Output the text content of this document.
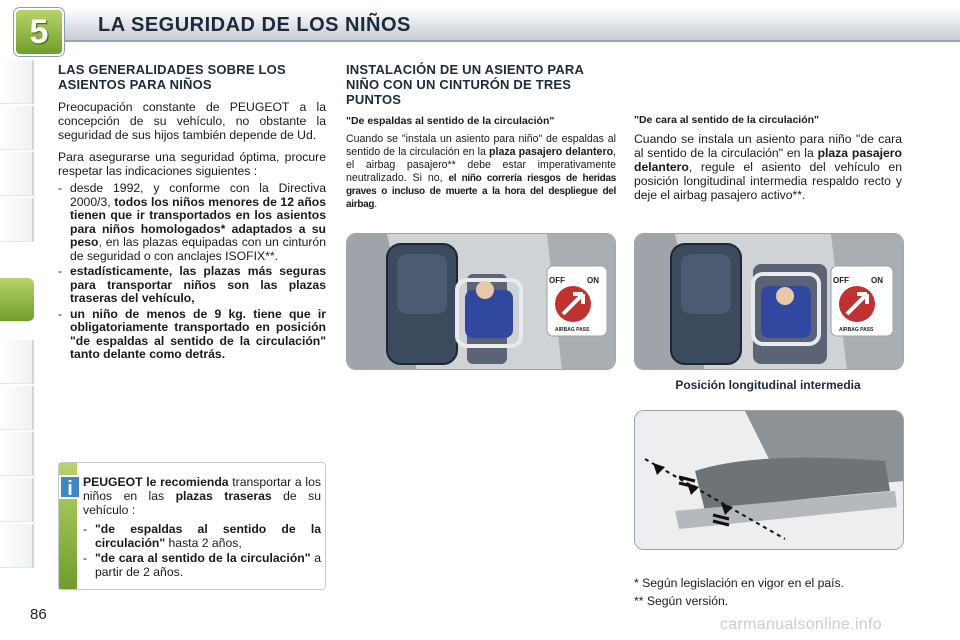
5	LA SEGURIDAD DE LOS NIÑOS
LAS GENERALIDADES SOBRE LOS ASIENTOS PARA NIÑOS
Preocupación constante de PEUGEOT a la concepción de su vehículo, no obstante la seguridad de sus hijos también depende de Ud.
Para asegurarse una seguridad óptima, procure respetar las indicaciones siguientes :
- desde 1992, y conforme con la Directiva 2000/3, todos los niños menores de 12 años tienen que ir transportados en los asientos para niños homologados* adaptados a su peso, en las plazas equipadas con un cinturón de seguridad o con anclajes ISOFIX**.
- estadísticamente, las plazas más seguras para transportar niños son las plazas traseras del vehículo,
- un niño de menos de 9 kg. tiene que ir obligatoriamente transportado en posición "de espaldas al sentido de la circulación" tanto delante como detrás.
i PEUGEOT le recomienda transportar a los niños en las plazas traseras de su vehículo :
- "de espaldas al sentido de la circulación" hasta 2 años,
- "de cara al sentido de la circulación" a partir de 2 años.
INSTALACIÓN DE UN ASIENTO PARA NIÑO CON UN CINTURÓN DE TRES PUNTOS
"De espaldas al sentido de la circulación"
Cuando se "instala un asiento para niño" de espaldas al sentido de la circulación en la plaza pasajero delantero, el airbag pasajero** debe estar imperativamente neutralizado. Si no, el niño correría riesgos de heridas graves o incluso de muerte a la hora del despliegue del airbag.
"De cara al sentido de la circulación"
Cuando se instala un asiento para niño "de cara al sentido de la circulación" en la plaza pasajero delantero, regule el asiento del vehículo en posición longitudinal intermedia respaldo recto y deje el airbag pasajero activo**.
OFF	ON
AIRBAG PASS
OFF	ON
AIRBAG PASS
Posición longitudinal intermedia
* Según legislación en vigor en el país.
** Según versión.
86
carmanualsonline.info
